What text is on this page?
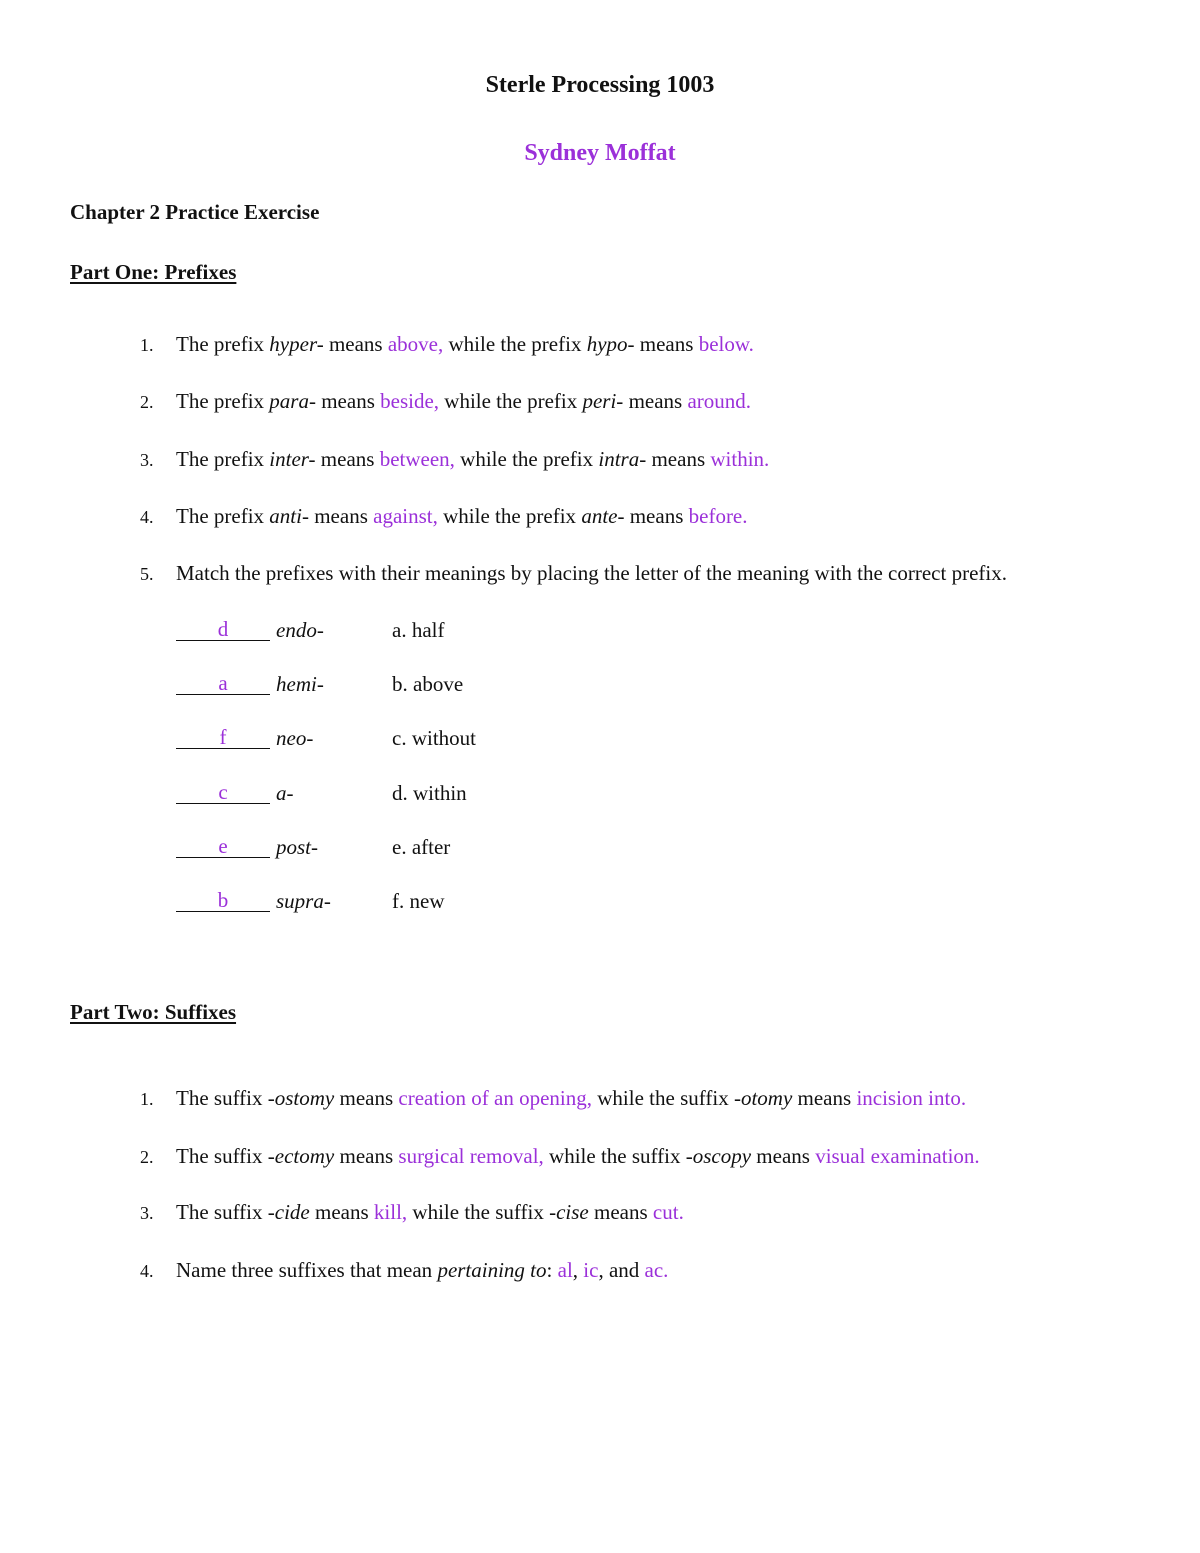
Sterle Processing 1003
Sydney Moffat
Chapter 2 Practice Exercise
Part One: Prefixes
1. The prefix hyper- means above, while the prefix hypo- means below.
2. The prefix para- means beside, while the prefix peri- means around.
3. The prefix inter- means between, while the prefix intra- means within.
4. The prefix anti- means against, while the prefix ante- means before.
5. Match the prefixes with their meanings by placing the letter of the meaning with the correct prefix.
d endo-	a. half
a hemi-	b. above
f neo-	c. without
c a-	d. within
e post-	e. after
b supra-	f. new
Part Two: Suffixes
1. The suffix -ostomy means creation of an opening, while the suffix -otomy means incision into.
2. The suffix -ectomy means surgical removal, while the suffix -oscopy means visual examination.
3. The suffix -cide means kill, while the suffix -cise means cut.
4. Name three suffixes that mean pertaining to: al, ic, and ac.
